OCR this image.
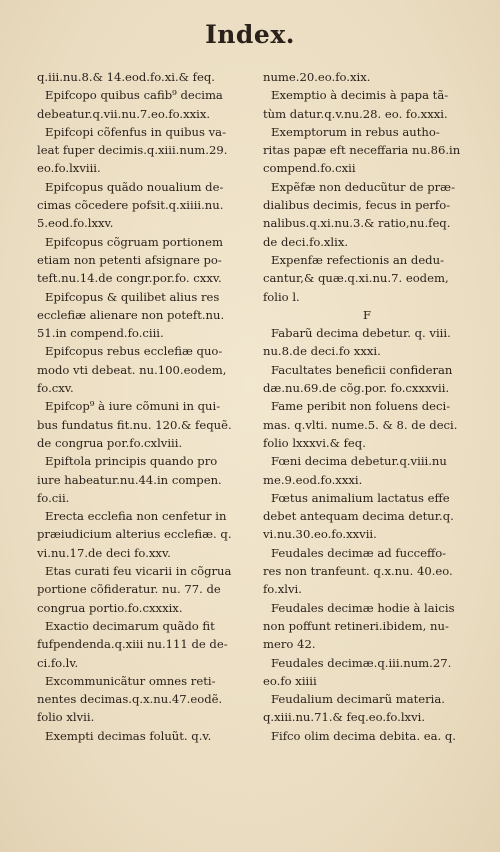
Index.
q.iii.nu.8.& 14.eod.fo.xi.& feq.
Epifcopo quibus cafib⁹ decima
debeatur.q.vii.nu.7.eo.fo.xxix.
Epifcopi cõfenfus in quibus va-
leat fuper decimis.q.xiii.num.29.
eo.fo.lxviii.
Epifcopus quãdo noualium de-
cimas cõcedere pofsit.q.xiiii.nu.
5.eod.fo.lxxv.
Epifcopus cõgruam portionem
etiam non petenti afsignare po-
teft.nu.14.de congr.por.fo. cxxv.
Epifcopus & quilibet alius res
ecclefiæ alienare non poteft.nu.
51.in compend.fo.ciii.
Epifcopus rebus ecclefiæ quo-
modo vti debeat. nu.100.eodem,
fo.cxv.
Epifcop⁹ à iure cõmuni in qui-
bus fundatus fit.nu. 120.& fequẽ.
de congrua por.fo.cxlviii.
Epiftola principis quando pro
iure habeatur.nu.44.in compen.
fo.cii.
Erecta ecclefia non cenfetur in
præiudicium alterius ecclefiæ. q.
vi.nu.17.de deci fo.xxv.
Etas curati feu vicarii in cõgrua
portione cõfideratur. nu. 77. de
congrua portio.fo.cxxxix.
Exactio decimarum quãdo fit
fufpendenda.q.xiii nu.111 de de-
ci.fo.lv.
Excommunicãtur omnes reti-
nentes decimas.q.x.nu.47.eodẽ.
folio xlvii.
Exempti decimas foluũt. q.v.
nume.20.eo.fo.xix.
Exemptio à decimis à papa tã-
tùm datur.q.v.nu.28. eo. fo.xxxi.
Exemptorum in rebus autho-
ritas papæ eft neceffaria nu.86.in
compend.fo.cxii
Expẽfæ non deducũtur de præ-
dialibus decimis, fecus in perfo-
nalibus.q.xi.nu.3.& ratio,nu.feq.
de deci.fo.xlix.
Expenfæ refectionis an dedu-
cantur,& quæ.q.xi.nu.7. eodem,
folio l.
F
Fabarũ decima debetur. q. viii.
nu.8.de deci.fo xxxi.
Facultates beneficii confideran
dæ.nu.69.de cõg.por. fo.cxxxvii.
Fame peribit non foluens deci-
mas. q.vlti. nume.5. & 8. de deci.
folio lxxxvi.& feq.
Fœni decima debetur.q.viii.nu
me.9.eod.fo.xxxi.
Fœtus animalium lactatus effe
debet antequam decima detur.q.
vi.nu.30.eo.fo.xxvii.
Feudales decimæ ad fucceffo-
res non tranfeunt. q.x.nu. 40.eo.
fo.xlvi.
Feudales decimæ hodie à laicis
non poffunt retineri.ibidem, nu-
mero 42.
Feudales decimæ.q.iii.num.27.
eo.fo xiiii
Feudalium decimarũ materia.
q.xiii.nu.71.& feq.eo.fo.lxvi.
Fifco olim decima debita. ea. q.
